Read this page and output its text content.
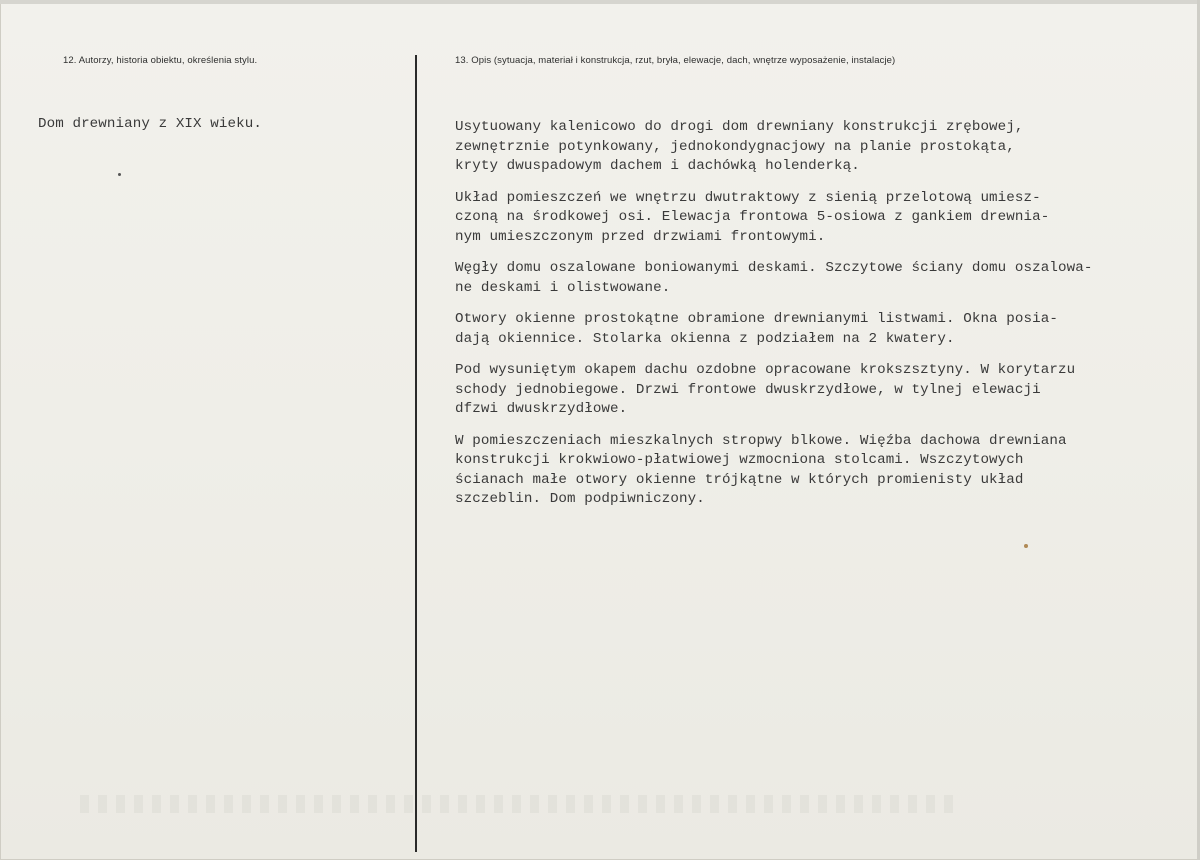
12. Autorzy, historia obiektu, określenia stylu.	13. Opis (sytuacja, materiał i konstrukcja, rzut, bryła, elewacje, dach, wnętrze wyposażenie, instalacje)
Dom drewniany z XIX wieku.	Usytuowany kalenicowo do drogi dom drewniany konstrukcji zrębowej,
zewnętrznie potynkowany, jednokondygnacjowy na planie prostokąta,
kryty dwuspadowym dachem i dachówką holenderką.
Układ pomieszczeń we wnętrzu dwutraktowy z sienią przelotową umiesz-
czoną na środkowej osi. Elewacja frontowa 5-osiowa z gankiem drewnia-
nym umieszczonym przed drzwiami frontowymi.
Węgły domu oszalowane boniowanymi deskami. Szczytowe ściany domu oszalowa-
ne deskami i olistwowane.
Otwory okienne prostokątne obramione drewnianymi listwami. Okna posia-
dają okiennice. Stolarka okienna z podziałem na 2 kwatery.
Pod wysuniętym okapem dachu ozdobne opracowane krokszsztyny. W korytarzu
schody jednobiegowe. Drzwi frontowe dwuskrzydłowe, w tylnej elewacji
dfzwi dwuskrzydłowe.
W pomieszczeniach mieszkalnych stropwy blkowe. Więźba dachowa drewniana
konstrukcji krokwiowo-płatwiowej wzmocniona stolcami. Wszczytowych
ścianach małe otwory okienne trójkątne w których promienisty układ
szczeblin. Dom podpiwniczony.
